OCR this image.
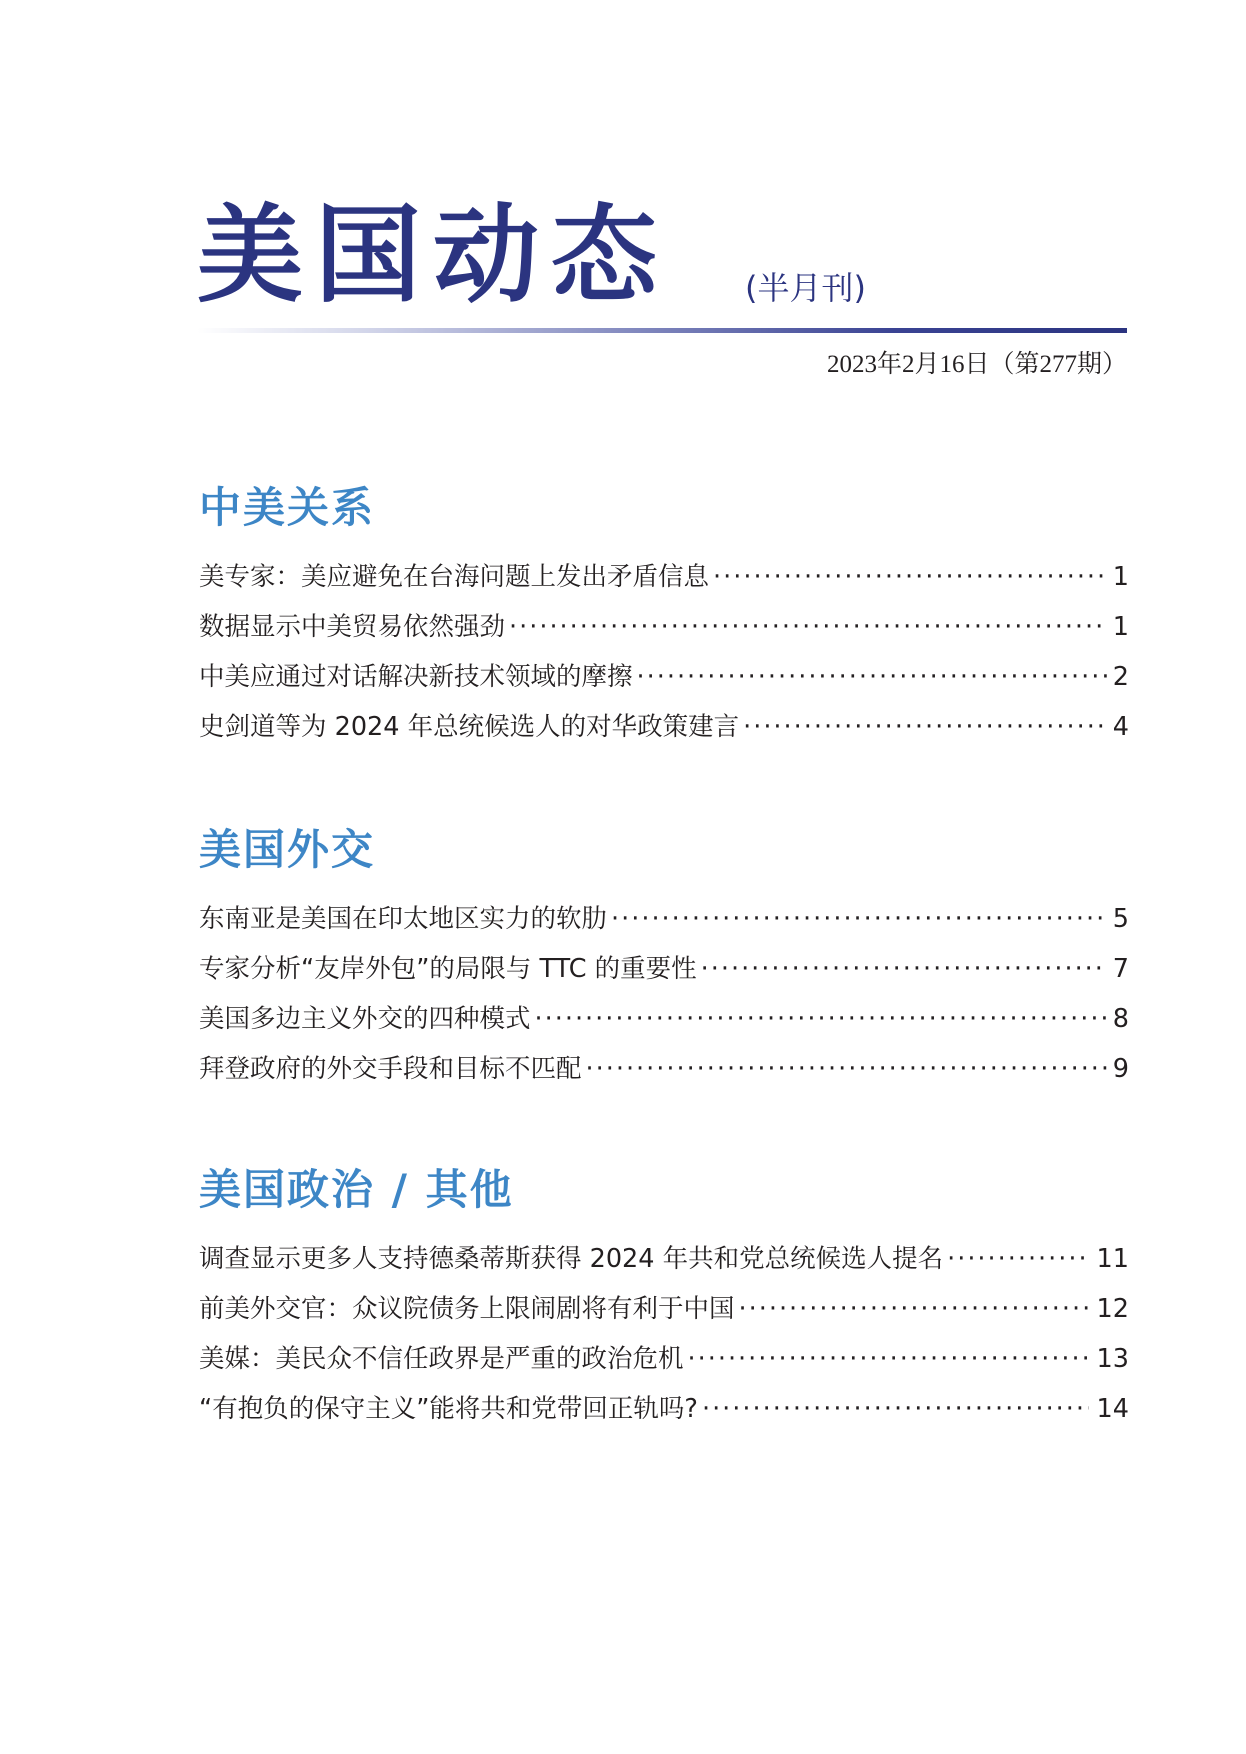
美国动态 (半月刊)
2023年2月16日（第277期）
中美关系
美专家：美应避免在台海问题上发出矛盾信息 ·····	1
数据显示中美贸易依然强劲 ·····	1
中美应通过对话解决新技术领域的摩擦 ·····	2
史剑道等为 2024 年总统候选人的对华政策建言 ·····	4
美国外交
东南亚是美国在印太地区实力的软肋 ·····	5
专家分析“友岸外包”的局限与 TTC 的重要性 ·····	7
美国多边主义外交的四种模式 ·····	8
拜登政府的外交手段和目标不匹配 ·····	9
美国政治 / 其他
调查显示更多人支持德桑蒂斯获得 2024 年共和党总统候选人提名 ·····	11
前美外交官：众议院债务上限闹剧将有利于中国 ·····	12
美媒：美民众不信任政界是严重的政治危机 ·····	13
“有抱负的保守主义”能将共和党带回正轨吗? ·····	14
